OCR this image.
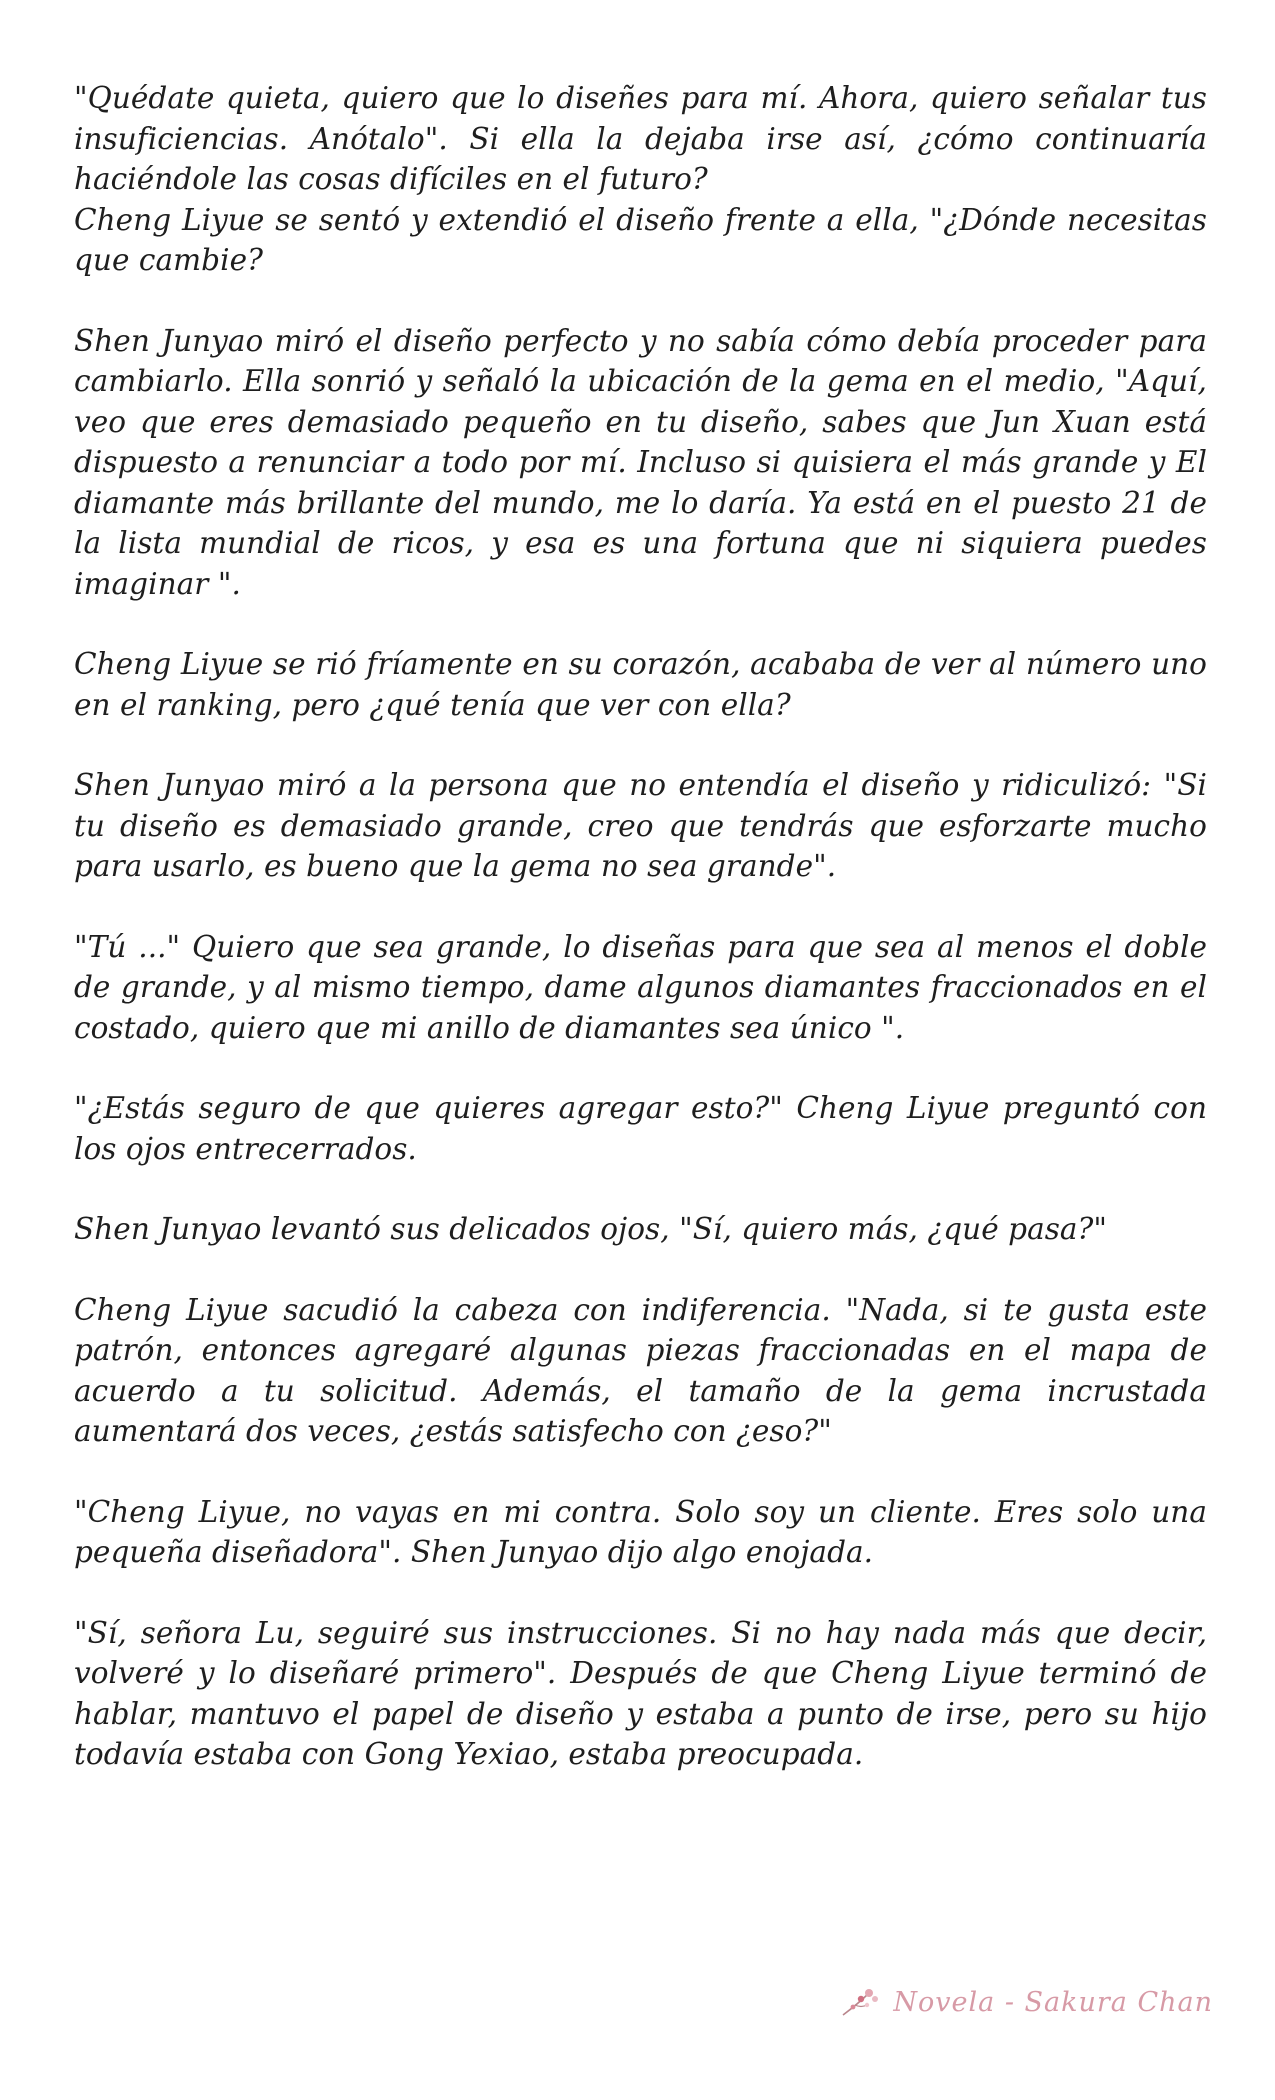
"Quédate quieta, quiero que lo diseñes para mí. Ahora, quiero señalar tus insuficiencias. Anótalo". Si ella la dejaba irse así, ¿cómo continuaría haciéndole las cosas difíciles en el futuro?
Cheng Liyue se sentó y extendió el diseño frente a ella, "¿Dónde necesitas que cambie?

Shen Junyao miró el diseño perfecto y no sabía cómo debía proceder para cambiarlo. Ella sonrió y señaló la ubicación de la gema en el medio, "Aquí, veo que eres demasiado pequeño en tu diseño, sabes que Jun Xuan está dispuesto a renunciar a todo por mí. Incluso si quisiera el más grande y El diamante más brillante del mundo, me lo daría. Ya está en el puesto 21 de la lista mundial de ricos, y esa es una fortuna que ni siquiera puedes imaginar ".

Cheng Liyue se rió fríamente en su corazón, acababa de ver al número uno en el ranking, pero ¿qué tenía que ver con ella?

Shen Junyao miró a la persona que no entendía el diseño y ridiculizó: "Si tu diseño es demasiado grande, creo que tendrás que esforzarte mucho para usarlo, es bueno que la gema no sea grande".

"Tú ..." Quiero que sea grande, lo diseñas para que sea al menos el doble de grande, y al mismo tiempo, dame algunos diamantes fraccionados en el costado, quiero que mi anillo de diamantes sea único ".

"¿Estás seguro de que quieres agregar esto?" Cheng Liyue preguntó con los ojos entrecerrados.

Shen Junyao levantó sus delicados ojos, "Sí, quiero más, ¿qué pasa?"

Cheng Liyue sacudió la cabeza con indiferencia. "Nada, si te gusta este patrón, entonces agregaré algunas piezas fraccionadas en el mapa de acuerdo a tu solicitud. Además, el tamaño de la gema incrustada aumentará dos veces, ¿estás satisfecho con ¿eso?"

"Cheng Liyue, no vayas en mi contra. Solo soy un cliente. Eres solo una pequeña diseñadora". Shen Junyao dijo algo enojada.

"Sí, señora Lu, seguiré sus instrucciones. Si no hay nada más que decir, volveré y lo diseñaré primero". Después de que Cheng Liyue terminó de hablar, mantuvo el papel de diseño y estaba a punto de irse, pero su hijo todavía estaba con Gong Yexiao, estaba preocupada.

Novela - Sakura Chan
